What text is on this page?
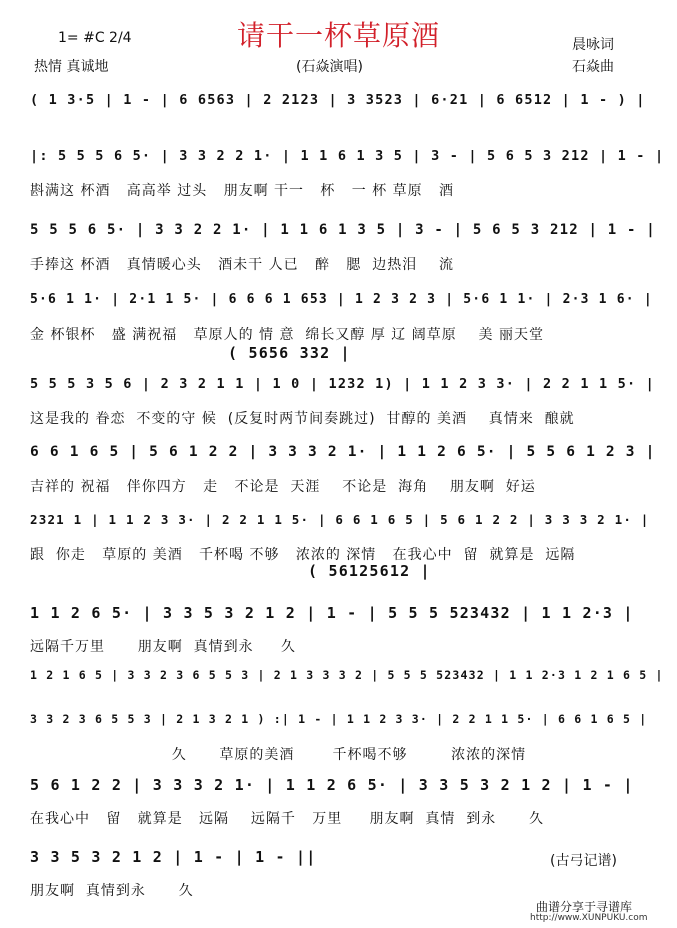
请干一杯草原酒
1= #C 2/4
热情 真诚地	(石焱演唱)
晨咏词
石焱曲
( 1 3·5 | 1 - | 6 6563 | 2 2123 | 3 3523 | 6·21 | 6 6512 | 1 - ) |
|: 5 5 5 6 5· | 3 3 2 2 1· | 1 1 6 1 3 5 | 3 - | 5 6 5 3 212 | 1 - |
斟满这 杯酒   高高举 过头   朋友啊 干一   杯   一 杯 草原   酒
5 5 5 6 5· | 3 3 2 2 1· | 1 1 6 1 3 5 | 3 - | 5 6 5 3 212 | 1 - |
手捧这 杯酒   真情暖心头   酒未干 人已   醉   腮  边热泪    流
5·6 1 1· | 2·1 1 5· | 6 6 6 1 653 | 1 2 3 2 3 | 5·6 1 1· | 2·3 1 6· |
金 杯银杯   盛 满祝福   草原人的 情 意  绵长又醇 厚 辽 阔草原    美 丽天堂
( 5656 332 |
5 5 5 3 5 6 | 2 3 2 1 1 | 1 0 | 1232 1) | 1 1 2 3 3· | 2 2 1 1 5· |
这是我的 眷恋  不变的守 候  (反复时两节间奏跳过)  甘醇的 美酒    真情来  酿就
6 6 1 6 5 | 5 6 1 2 2 | 3 3 3 2 1· | 1 1 2 6 5· | 5 5 6 1 2 3 |
吉祥的 祝福   伴你四方   走   不论是  天涯    不论是  海角    朋友啊  好运
2321 1 | 1 1 2 3 3· | 2 2 1 1 5· | 6 6 1 6 5 | 5 6 1 2 2 | 3 3 3 2 1· |
跟  你走   草原的 美酒   千杯喝 不够   浓浓的 深情   在我心中  留  就算是  远隔
( 56125612 |
1 1 2 6 5· | 3 3 5 3 2 1 2 | 1 - | 5 5 5 523432 | 1 1 2·3 |
远隔千万里      朋友啊  真情到永     久
1 2 1 6 5 | 3 3 2 3 6 5 5 3 | 2 1 3 3 3 2 | 5 5 5 523432 | 1 1 2·3 1 2 1 6 5 |
3 3 2 3 6 5 5 3 | 2 1 3 2 1 ) :| 1 - | 1 1 2 3 3· | 2 2 1 1 5· | 6 6 1 6 5 |
久      草原的美酒       千杯喝不够        浓浓的深情
5 6 1 2 2 | 3 3 3 2 1· | 1 1 2 6 5· | 3 3 5 3 2 1 2 | 1 - |
在我心中   留   就算是   远隔    远隔千   万里     朋友啊  真情  到永      久
3 3 5 3 2 1 2 | 1 - | 1 - ||
朋友啊  真情到永      久
(古弓记谱)
曲谱分享于寻谱库
http://www.XUNPUKU.com
